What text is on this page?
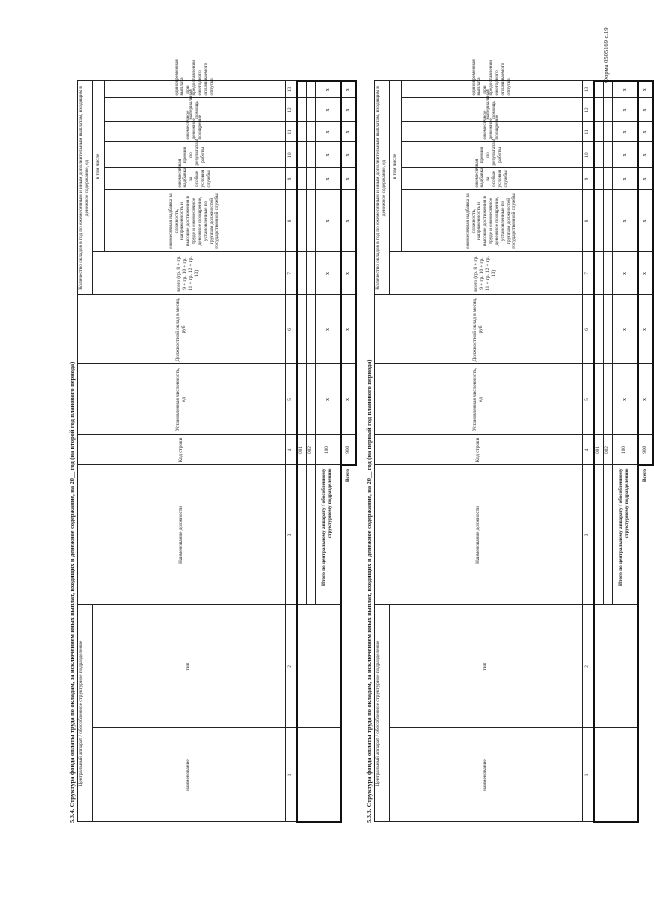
Форма 0505169 с.19
5.3.3. Структура фонда оплаты труда по окладам, за исключением иных выплат, входящих в денежное содержание, на 20__ год (на первый год планового периода) Центральный аппарат / обособленное структурное подразделение		Наименование должности	Код строки	Установленная численность, ед	Должностной оклад в месяц, руб	Количество окладов в год по ежемесячным и иным дополнительным выплатам, входящим в денежное содержание, ед						
наименование	тип					всего (гр. 8 + гр. 9 + гр. 10 + гр. 11 + гр. 12 + гр. 13)	в том числе					
							ежемесячная надбавка за сложность, напряженность и высокие достижения в труде и ежемесячное денежное поощрение, установленные по группам должностей государственной службы	ежемесячная надбавка за особые условия службы	премии по результатам работы	ежемесячное денежное поощрение	материальная помощь	единовременная выплата при предоставлении ежегодного оплачиваемого отпуска
1	2	3	4	5	6	7	8	9	10	11	12	13
			001									
			002									
		Итого по центральному аппарату / обособленному структурному подразделению	100	x	x	x	x	x	x	x	x	x
Всего			900	x	x	x	x	x	x	x	x	x
5.3.4. Структура фонда оплаты труда по окладам, за исключением иных выплат, входящих в денежное содержание, на 20__ год (на второй год планового периода) Центральный аппарат / обособленное структурное подразделение		Наименование должности	Код строки	Установленная численность, ед	Должностной оклад в месяц, руб	Количество окладов в год по ежемесячным и иным дополнительным выплатам, входящим в денежное содержание, ед						
наименование	тип					всего (гр. 8 + гр. 9 + гр. 10 + гр. 11 + гр. 12 + гр. 13)	в том числе					
							ежемесячная надбавка за сложность, напряженность и высокие достижения в труде и ежемесячное денежное поощрение, установленные по группам должностей государственной службы	ежемесячная надбавка за особые условия службы	премии по результатам работы	ежемесячное денежное поощрение	материальная помощь	единовременная выплата при предоставлении ежегодного оплачиваемого отпуска
1	2	3	4	5	6	7	8	9	10	11	12	13
			001									
			002									
		Итого по центральному аппарату / обособленному структурному подразделению	100	x	x	x	x	x	x	x	x	x
Всего			900	x	x	x	x	x	x	x	x	x
